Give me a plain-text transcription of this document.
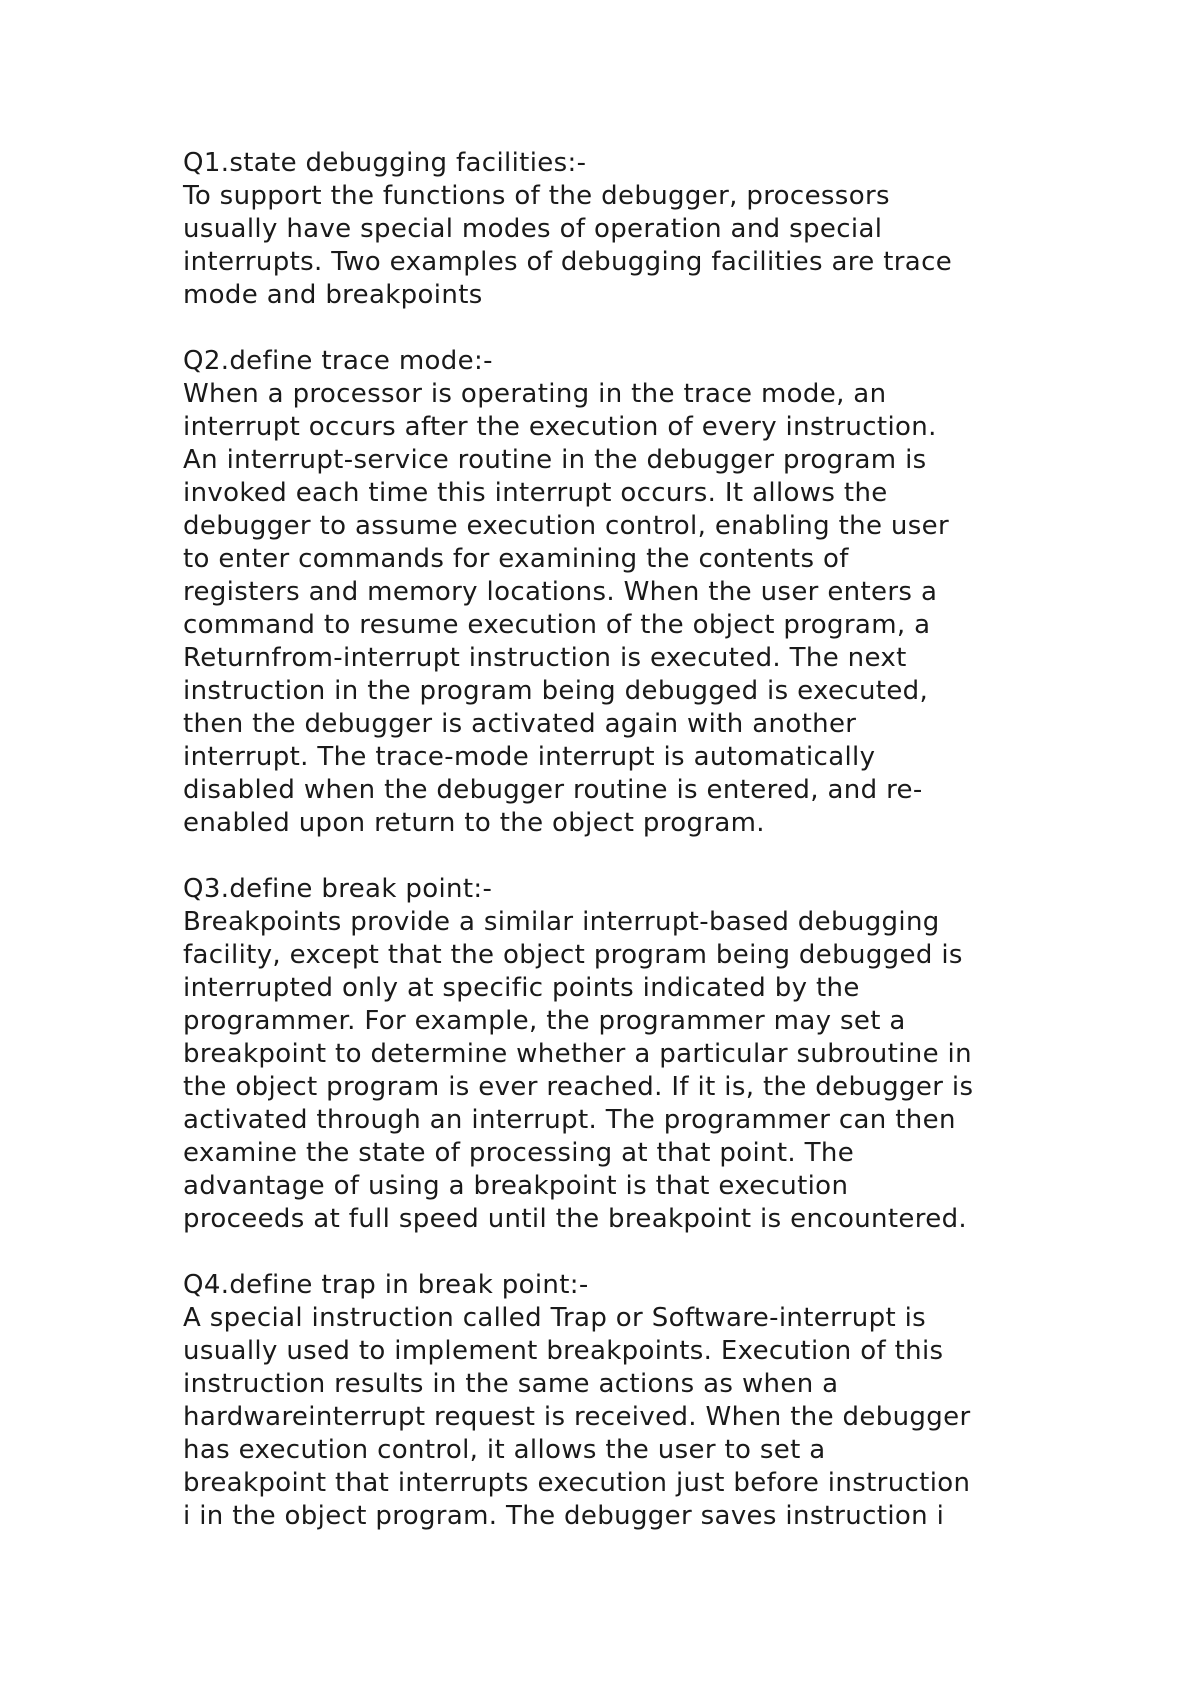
Q1.state debugging facilities:-
To support the functions of the debugger, processors
usually have special modes of operation and special
interrupts. Two examples of debugging facilities are trace
mode and breakpoints
Q2.define trace mode:-
When a processor is operating in the trace mode, an
interrupt occurs after the execution of every instruction.
An interrupt-service routine in the debugger program is
invoked each time this interrupt occurs. It allows the
debugger to assume execution control, enabling the user
to enter commands for examining the contents of
registers and memory locations. When the user enters a
command to resume execution of the object program, a
Returnfrom-interrupt instruction is executed. The next
instruction in the program being debugged is executed,
then the debugger is activated again with another
interrupt. The trace-mode interrupt is automatically
disabled when the debugger routine is entered, and re-
enabled upon return to the object program.
Q3.define break point:-
Breakpoints provide a similar interrupt-based debugging
facility, except that the object program being debugged is
interrupted only at specific points indicated by the
programmer. For example, the programmer may set a
breakpoint to determine whether a particular subroutine in
the object program is ever reached. If it is, the debugger is
activated through an interrupt. The programmer can then
examine the state of processing at that point. The
advantage of using a breakpoint is that execution
proceeds at full speed until the breakpoint is encountered.
Q4.define trap in break point:-
A special instruction called Trap or Software-interrupt is
usually used to implement breakpoints. Execution of this
instruction results in the same actions as when a
hardwareinterrupt request is received. When the debugger
has execution control, it allows the user to set a
breakpoint that interrupts execution just before instruction
i in the object program. The debugger saves instruction i
